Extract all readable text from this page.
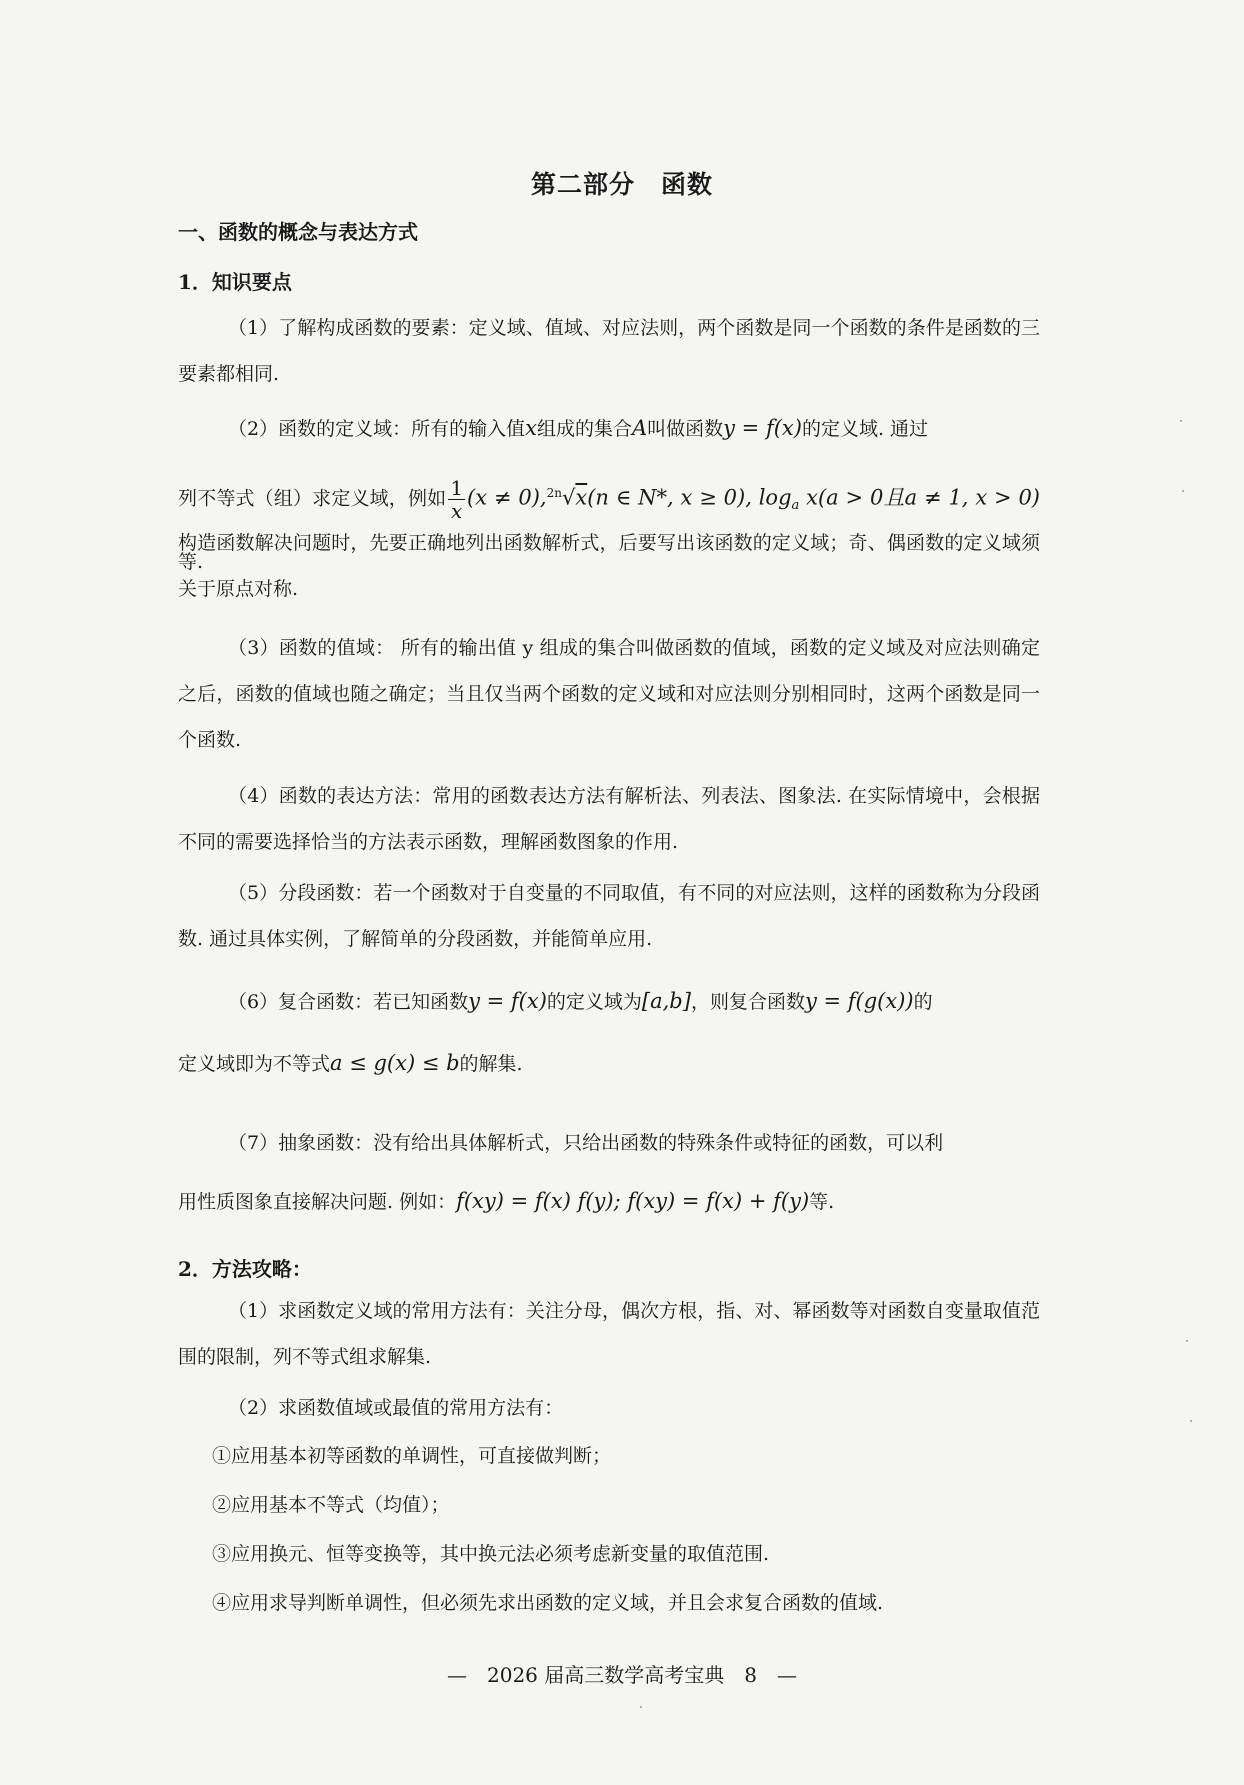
第二部分 函数
一、函数的概念与表达方式
1．知识要点
（1）了解构成函数的要素：定义域、值域、对应法则，两个函数是同一个函数的条件是函数的三要素都相同.
（2）函数的定义域：所有的输入值x组成的集合A叫做函数y = f(x)的定义域. 通过
列不等式（组）求定义域，例如 $\frac{1}{x} (x \ne 0),^{2n}√x(n$ ∈ N*, x ≥ 0), $\log_a x(a > 0$且a ≠ 1, x > 0)等.
构造函数解决问题时，先要正确地列出函数解析式，后要写出该函数的定义域；奇、偶函数的定义域须关于原点对称.
（3）函数的值域： 所有的输出值 y 组成的集合叫做函数的值域，函数的定义域及对应法则确定之后，函数的值域也随之确定；当且仅当两个函数的定义域和对应法则分别相同时，这两个函数是同一个函数.
（4）函数的表达方法：常用的函数表达方法有解析法、列表法、图象法. 在实际情境中，会根据不同的需要选择恰当的方法表示函数，理解函数图象的作用.
（5）分段函数：若一个函数对于自变量的不同取值，有不同的对应法则，这样的函数称为分段函数. 通过具体实例，了解简单的分段函数，并能简单应用.
（6）复合函数：若已知函数y = f(x)的定义域为[a,b]，则复合函数y = f(g(x))的
定义域即为不等式a ≤ g(x) ≤ b的解集.
（7）抽象函数：没有给出具体解析式，只给出函数的特殊条件或特征的函数，可以利
用性质图象直接解决问题. 例如：f(xy) = f(x) f(y); f(xy) = f(x) + f(y)等.
2．方法攻略：
（1）求函数定义域的常用方法有：关注分母，偶次方根，指、对、幂函数等对函数自变量取值范围的限制，列不等式组求解集.
（2）求函数值域或最值的常用方法有：
①应用基本初等函数的单调性，可直接做判断；
②应用基本不等式（均值）；
③应用换元、恒等变换等，其中换元法必须考虑新变量的取值范围.
④应用求导判断单调性，但必须先求出函数的定义域，并且会求复合函数的值域.
—　2026 届高三数学高考宝典　8　—
